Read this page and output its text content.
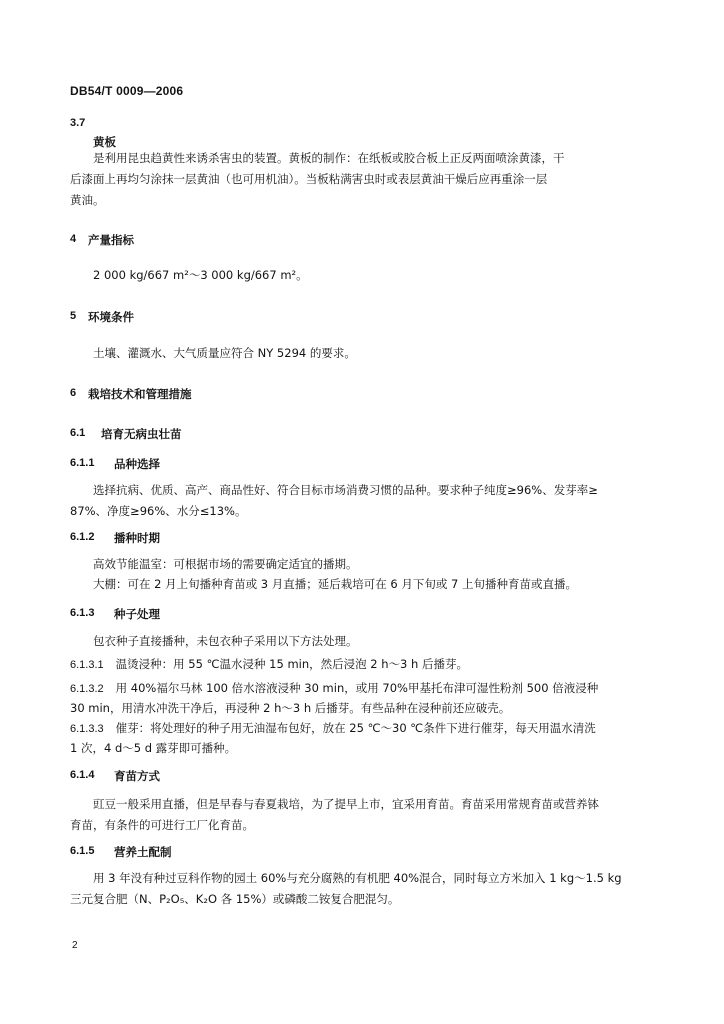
DB54/T 0009—2006
3.7
黄板
是利用昆虫趋黄性来诱杀害虫的装置。黄板的制作：在纸板或胶合板上正反两面喷涂黄漆，干
后漆面上再均匀涂抹一层黄油（也可用机油）。当板粘满害虫时或表层黄油干燥后应再重涂一层
黄油。
4 产量指标
2 000 kg/667 m²～3 000 kg/667 m²。
5 环境条件
土壤、灌溉水、大气质量应符合 NY 5294 的要求。
6 栽培技术和管理措施
6.1 培育无病虫壮苗
6.1.1 品种选择
选择抗病、优质、高产、商品性好、符合目标市场消费习惯的品种。要求种子纯度≥96%、发芽率≥
87%、净度≥96%、水分≤13%。
6.1.2 播种时期
高效节能温室：可根据市场的需要确定适宜的播期。
大棚：可在 2 月上旬播种育苗或 3 月直播；延后栽培可在 6 月下旬或 7 上旬播种育苗或直播。
6.1.3 种子处理
包衣种子直接播种，未包衣种子采用以下方法处理。
6.1.3.1 温烫浸种：用 55 ℃温水浸种 15 min，然后浸泡 2 h～3 h 后播芽。
6.1.3.2 用 40%福尔马林 100 倍水溶液浸种 30 min，或用 70%甲基托布津可湿性粉剂 500 倍液浸种
30 min，用清水冲洗干净后，再浸种 2 h～3 h 后播芽。有些品种在浸种前还应破壳。
6.1.3.3 催芽：将处理好的种子用无油湿布包好，放在 25 ℃～30 ℃条件下进行催芽，每天用温水清洗
1 次，4 d～5 d 露芽即可播种。
6.1.4 育苗方式
豇豆一般采用直播，但是早春与春夏栽培，为了提早上市，宜采用育苗。育苗采用常规育苗或营养钵
育苗，有条件的可进行工厂化育苗。
6.1.5 营养土配制
用 3 年没有种过豆科作物的园土 60%与充分腐熟的有机肥 40%混合，同时每立方米加入 1 kg～1.5 kg
三元复合肥（N、P₂O₅、K₂O 各 15%）或磷酸二铵复合肥混匀。
2
